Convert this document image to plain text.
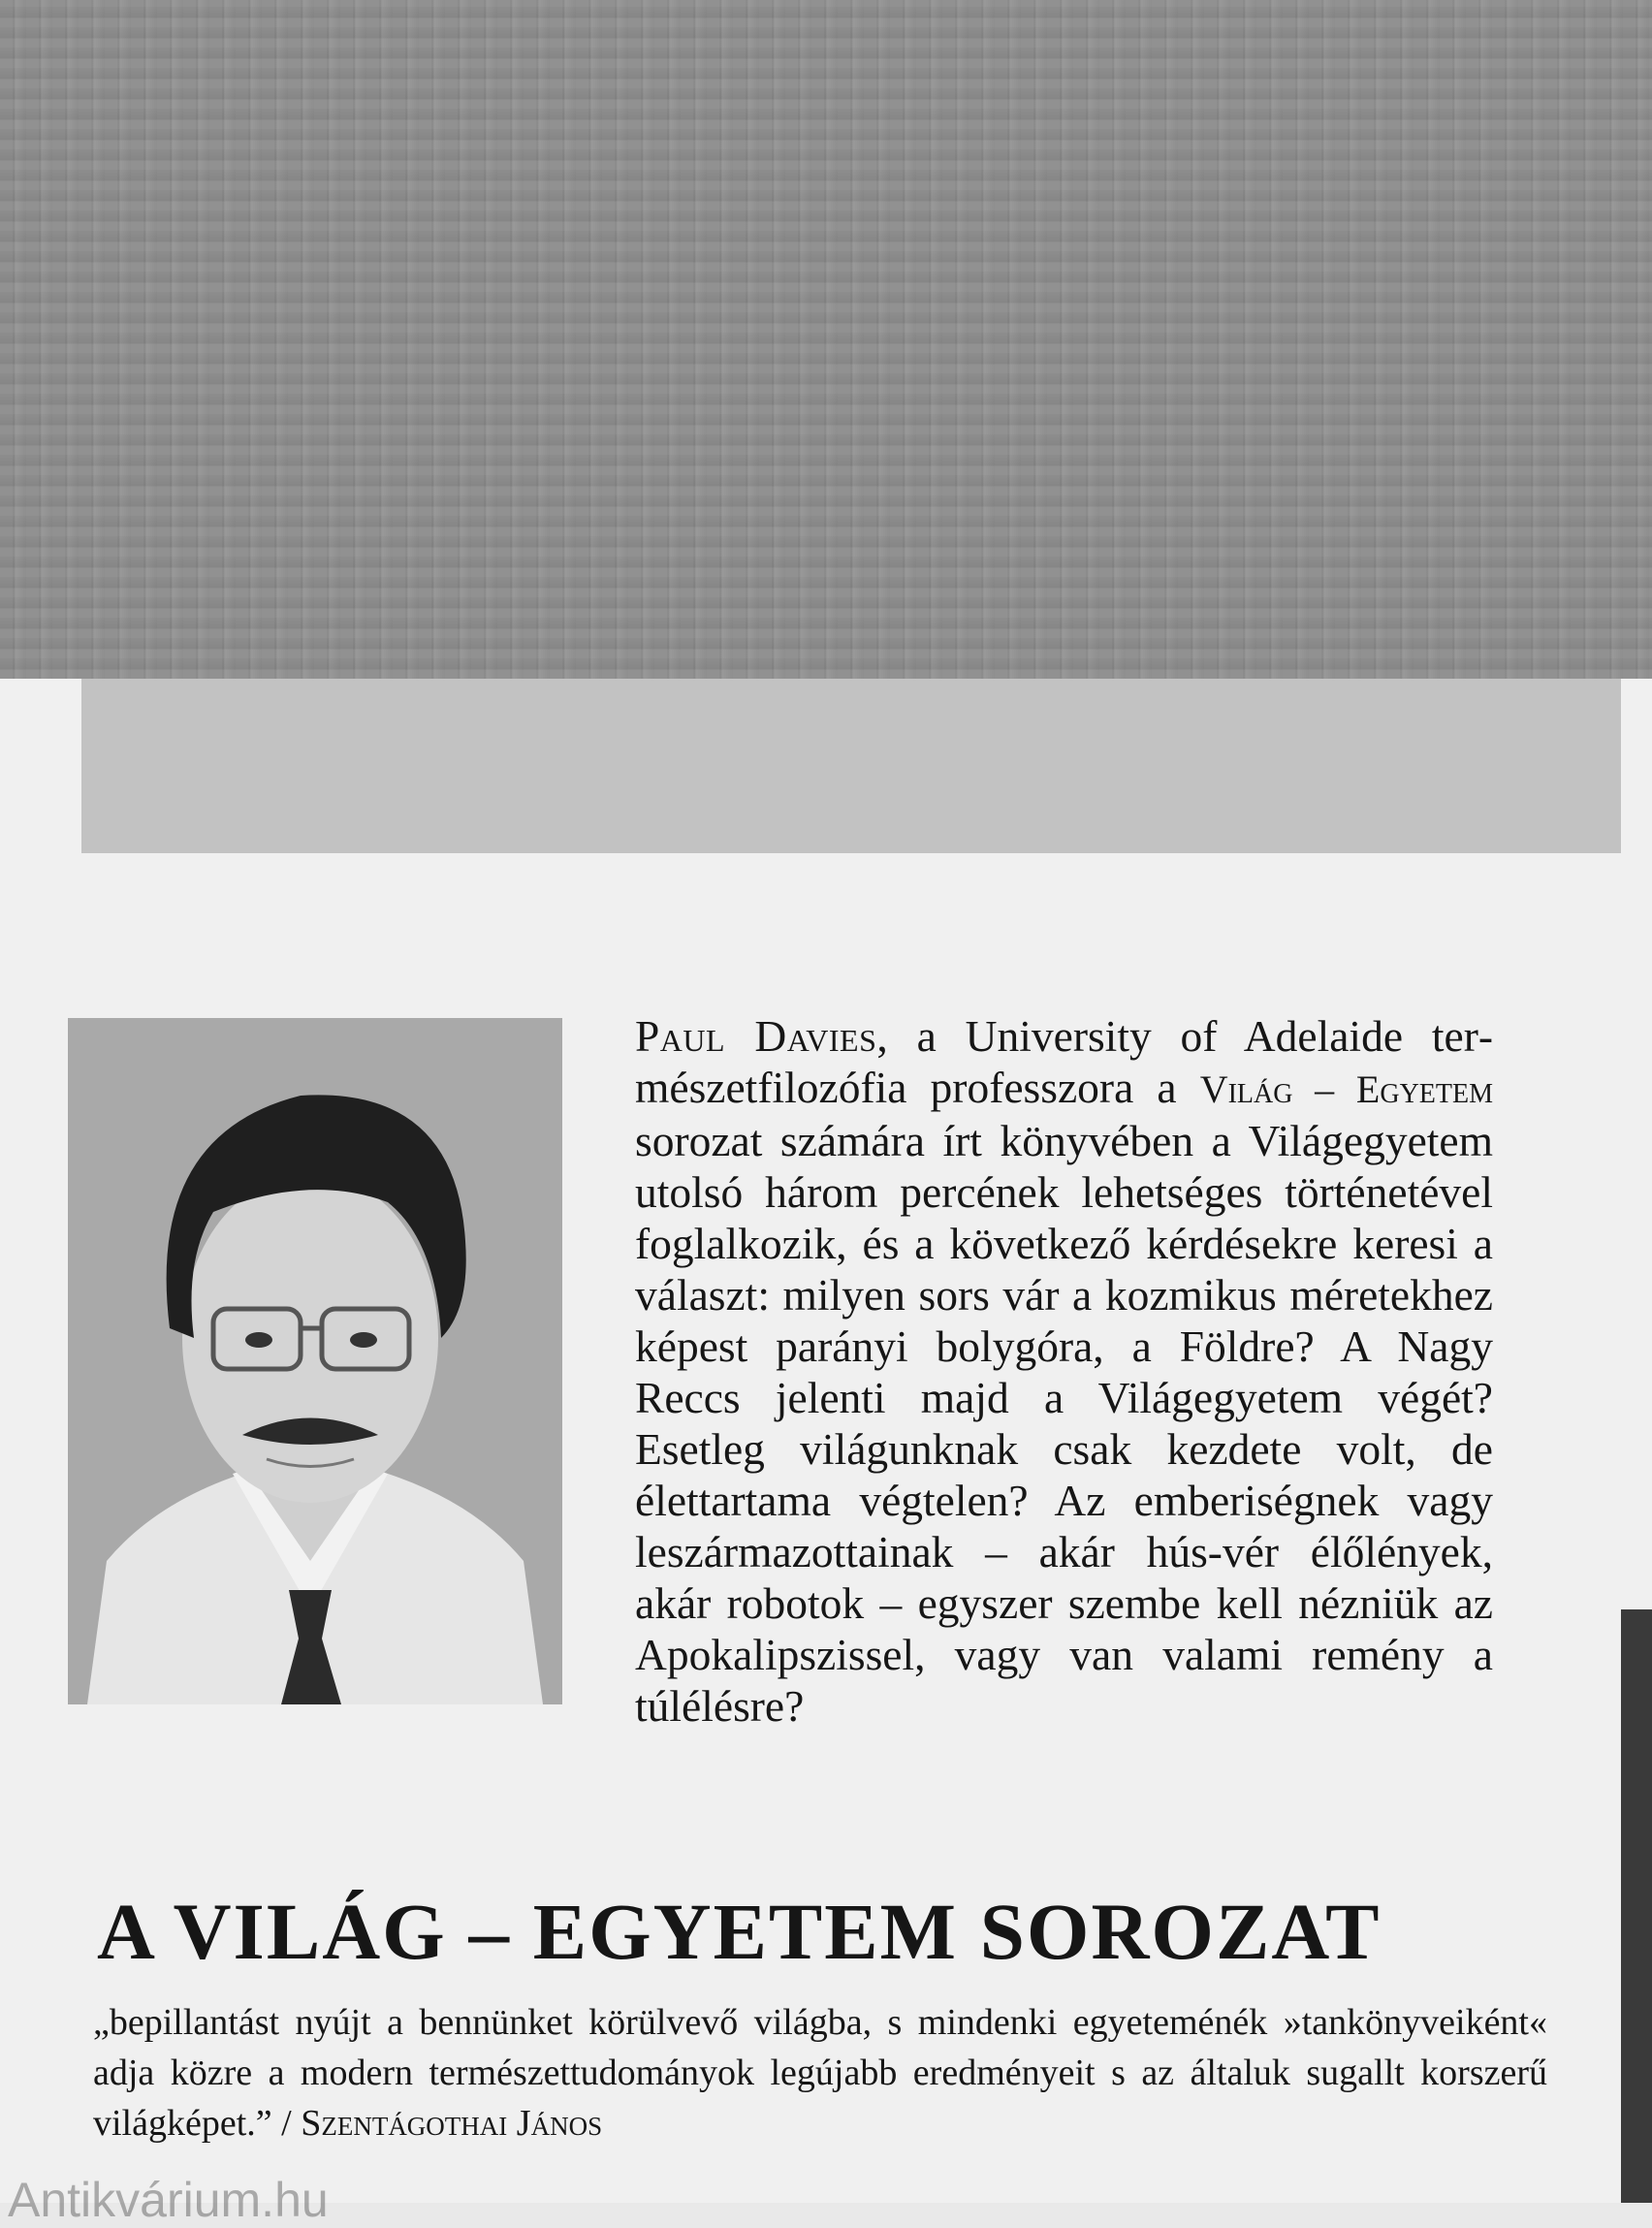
Paul Davies, a University of Adelaide természetfilozófia professzora a Világ – Egyetem sorozat számára írt könyvében a Világegyetem utolsó három percének lehetséges történetével foglalkozik, és a következő kérdésekre keresi a választ: milyen sors vár a kozmikus méretekhez képest parányi bolygóra, a Földre? A Nagy Reccs jelenti majd a Világegyetem végét? Esetleg világunknak csak kezdete volt, de élettartama végtelen? Az emberiségnek vagy leszármazottainak – akár hús-vér élőlények, akár robotok – egyszer szembe kell nézniük az Apokalipszissel, vagy van valami remény a túlélésre?

A VILÁG – EGYETEM SOROZAT

„bepillantást nyújt a bennünket körülvevő világba, s mindenki egyeteménék »tankönyveiként« adja közre a modern természettudományok legújabb eredményeit s az általuk sugallt korszerű világképet.” / Szentágothai János

Antikvárium.hu
